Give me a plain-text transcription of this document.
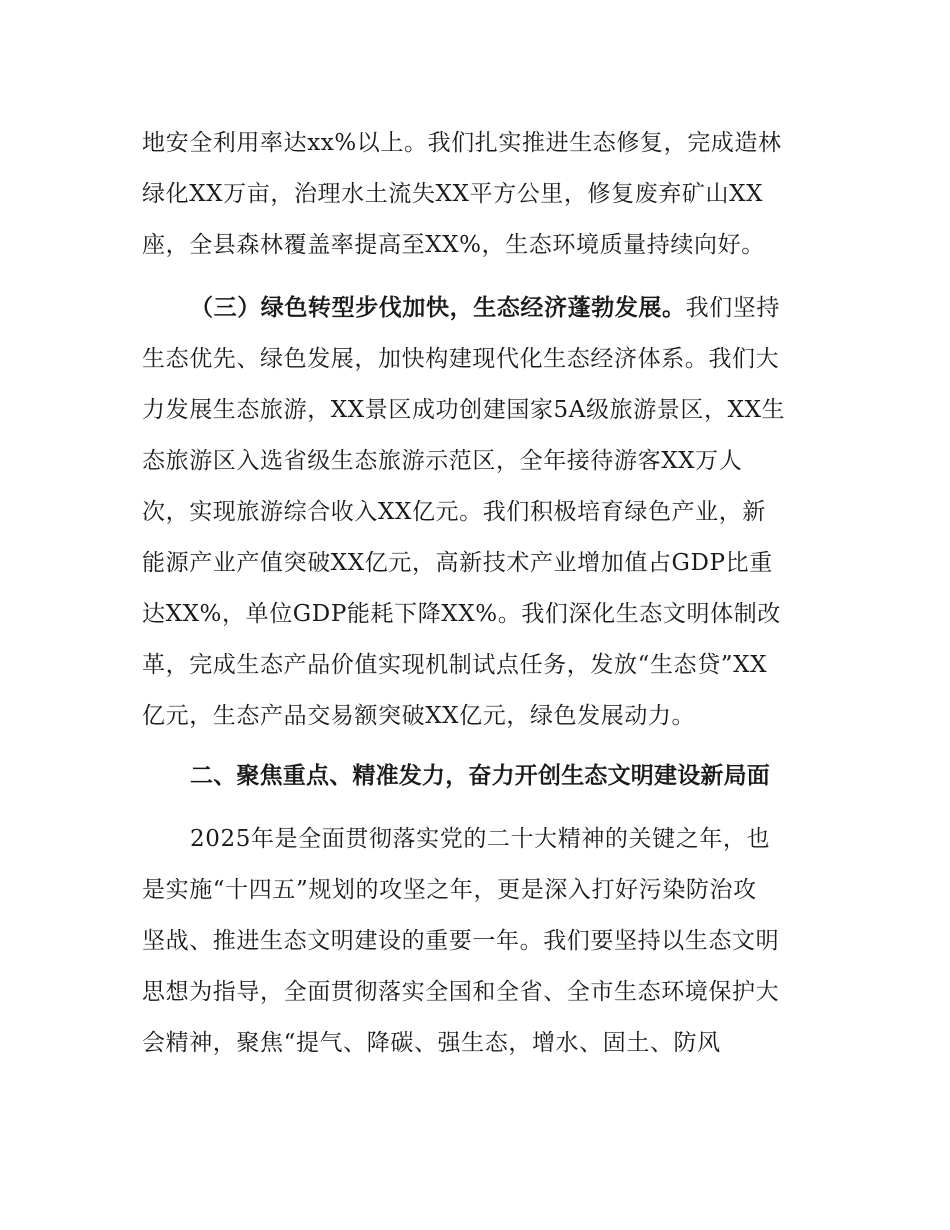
地安全利用率达xx%以上。我们扎实推进生态修复，完成造林
绿化XX万亩，治理水土流失XX平方公里，修复废弃矿山XX
座，全县森林覆盖率提高至XX%，生态环境质量持续向好。
（三）绿色转型步伐加快，生态经济蓬勃发展。我们坚持
生态优先、绿色发展，加快构建现代化生态经济体系。我们大
力发展生态旅游，XX景区成功创建国家5A级旅游景区，XX生
态旅游区入选省级生态旅游示范区，全年接待游客XX万人
次，实现旅游综合收入XX亿元。我们积极培育绿色产业，新
能源产业产值突破XX亿元，高新技术产业增加值占GDP比重
达XX%，单位GDP能耗下降XX%。我们深化生态文明体制改
革，完成生态产品价值实现机制试点任务，发放“生态贷”XX
亿元，生态产品交易额突破XX亿元，绿色发展动力。
二、聚焦重点、精准发力，奋力开创生态文明建设新局面
2025年是全面贯彻落实党的二十大精神的关键之年，也
是实施“十四五”规划的攻坚之年，更是深入打好污染防治攻
坚战、推进生态文明建设的重要一年。我们要坚持以生态文明
思想为指导，全面贯彻落实全国和全省、全市生态环境保护大
会精神，聚焦“提气、降碳、强生态，增水、固土、防风
